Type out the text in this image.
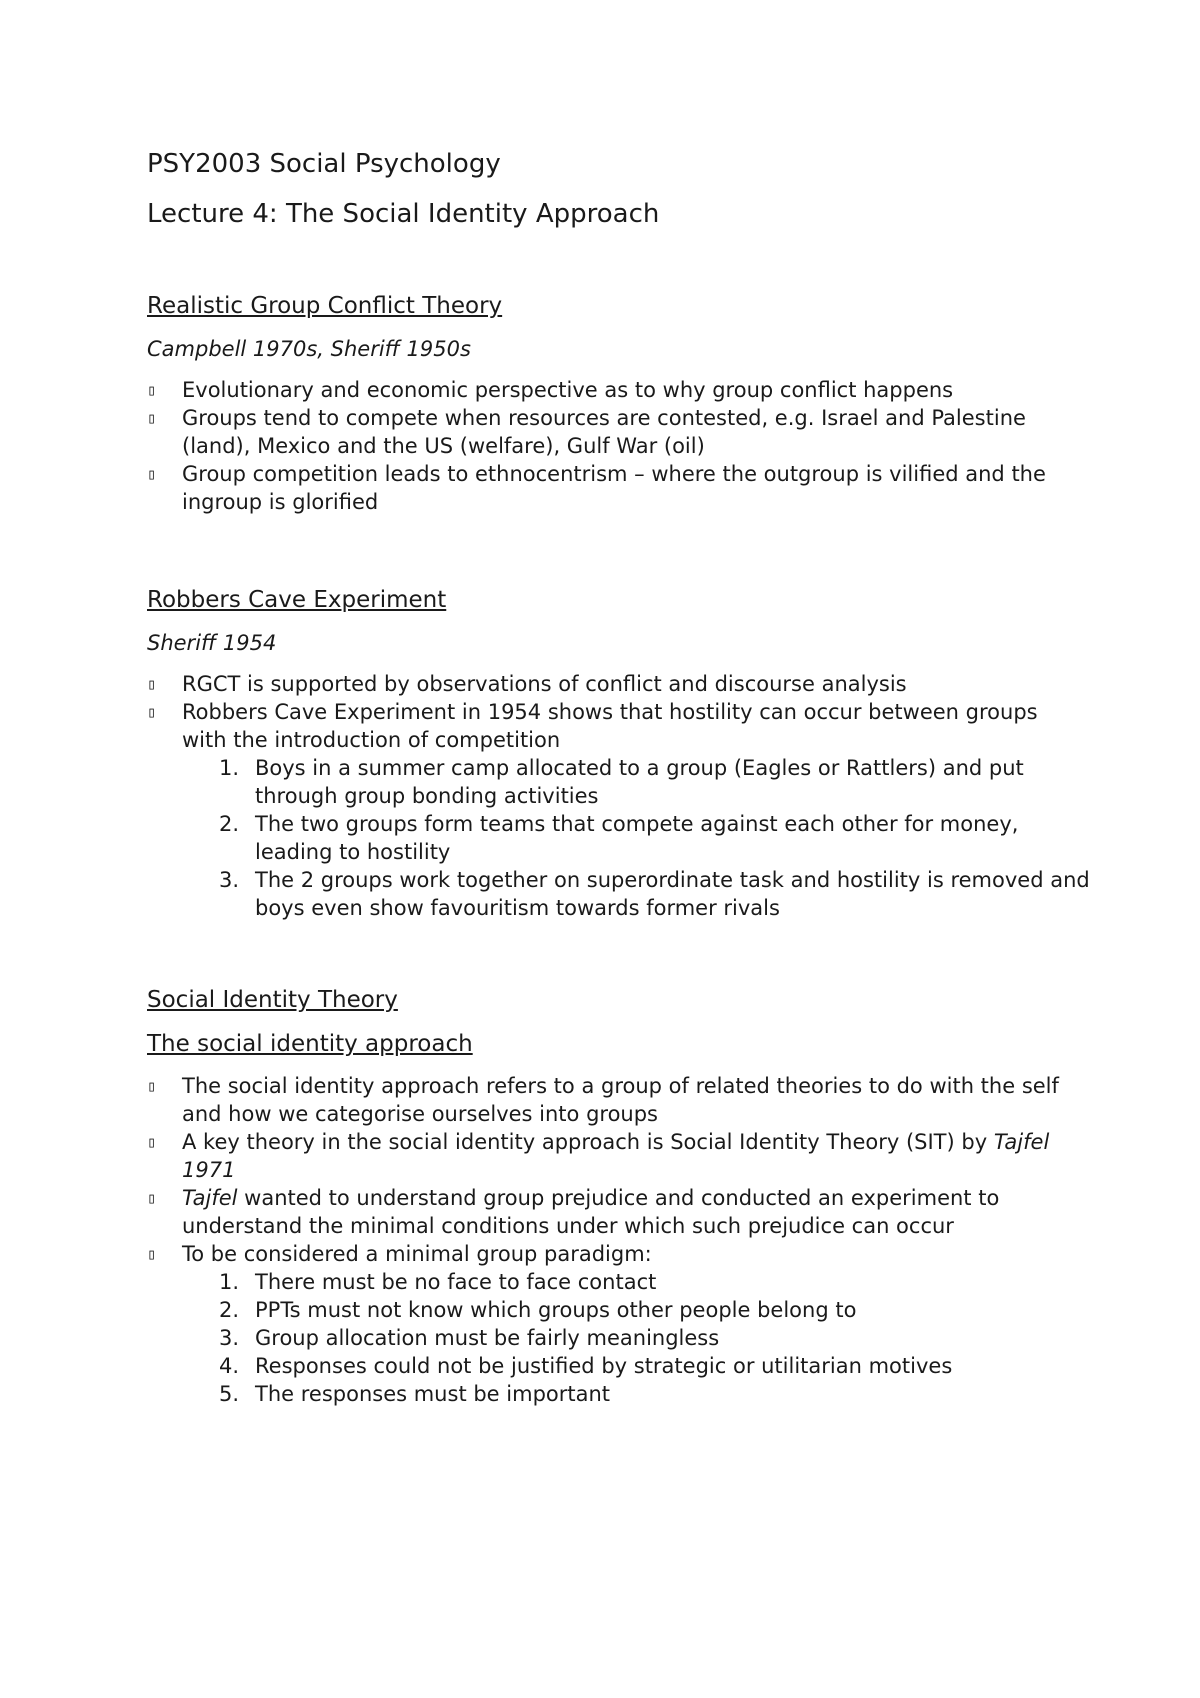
PSY2003 Social Psychology
Lecture 4: The Social Identity Approach
Realistic Group Conflict Theory

Campbell 1970s, Sheriff 1950s

▯ Evolutionary and economic perspective as to why group conflict happens
▯ Groups tend to compete when resources are contested, e.g. Israel and Palestine (land), Mexico and the US (welfare), Gulf War (oil)
▯ Group competition leads to ethnocentrism – where the outgroup is vilified and the ingroup is glorified
Robbers Cave Experiment

Sheriff 1954

▯ RGCT is supported by observations of conflict and discourse analysis
▯ Robbers Cave Experiment in 1954 shows that hostility can occur between groups with the introduction of competition
1. Boys in a summer camp allocated to a group (Eagles or Rattlers) and put through group bonding activities
2. The two groups form teams that compete against each other for money, leading to hostility
3. The 2 groups work together on superordinate task and hostility is removed and boys even show favouritism towards former rivals
Social Identity Theory
The social identity approach
▯ The social identity approach refers to a group of related theories to do with the self and how we categorise ourselves into groups
▯ A key theory in the social identity approach is Social Identity Theory (SIT) by Tajfel 1971
▯ Tajfel wanted to understand group prejudice and conducted an experiment to understand the minimal conditions under which such prejudice can occur
▯ To be considered a minimal group paradigm:
1. There must be no face to face contact
2. PPTs must not know which groups other people belong to
3. Group allocation must be fairly meaningless
4. Responses could not be justified by strategic or utilitarian motives
5. The responses must be important
